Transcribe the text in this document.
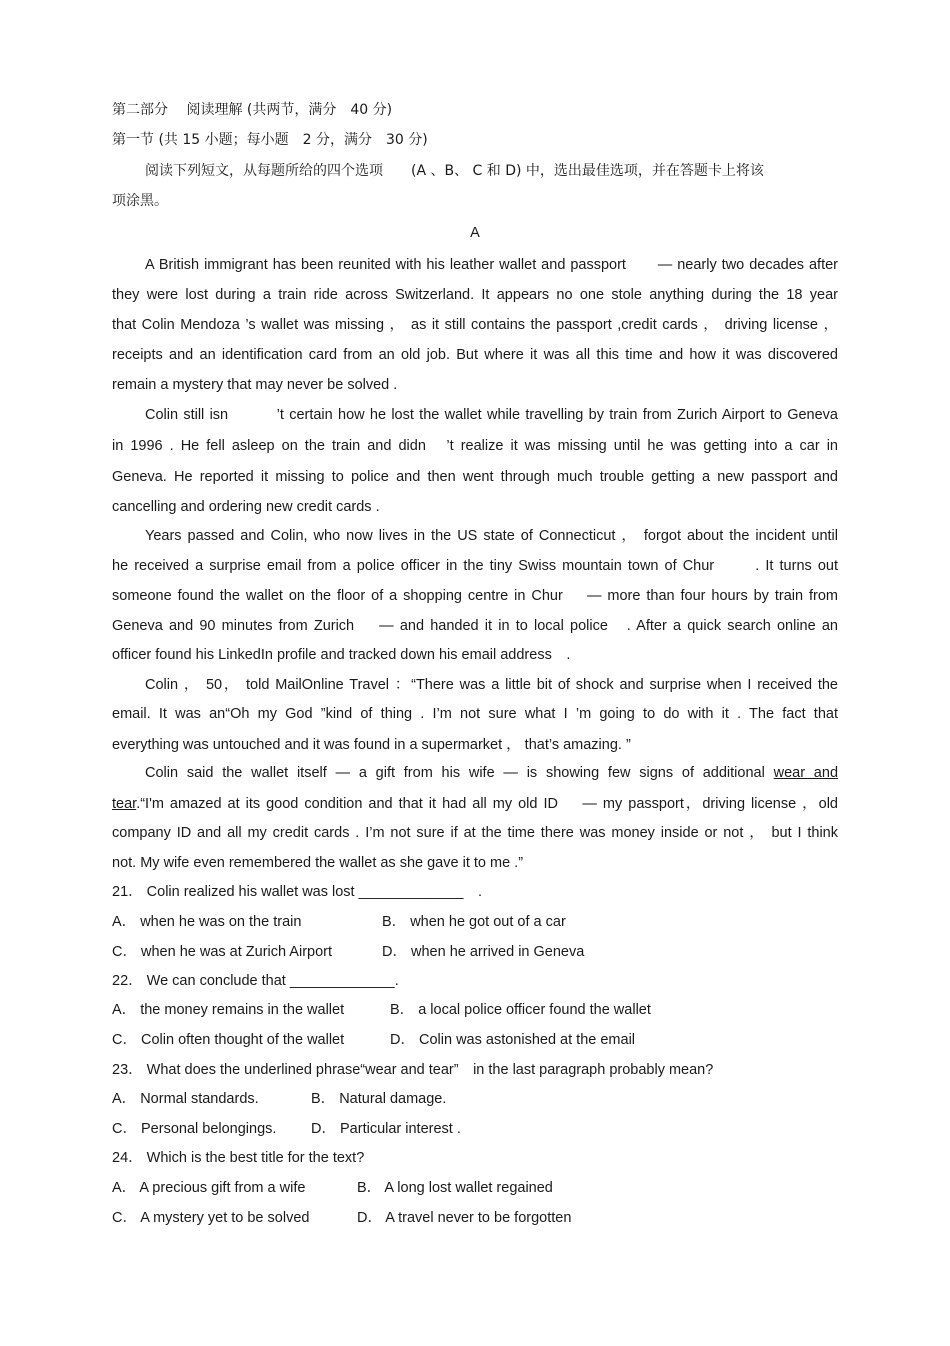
第二部分　 阅读理解 (共两节，满分　40 分)
第一节 (共 15 小题；每小题　2 分，满分　30 分)
阅读下列短文，从每题所给的四个选项　　(A 、B、 C 和 D) 中，选出最佳选项，并在答题卡上将该
项涂黑。
A
A British immigrant has been reunited with his leather wallet and passport　　— nearly two decades after
they were lost during a train ride across Switzerland. It appears no one stole anything during the 18 year
that Colin Mendoza ’s wallet was missing ， as it still contains the passport ,credit cards ， driving license ，
receipts and an identification card from an old job. But where it was all this time and how it was discovered
remain a mystery that may never be solved .
Colin still isn　　　’t certain how he lost the wallet while travelling by train from Zurich Airport to Geneva
in 1996 . He fell asleep on the train and didn　’t realize it was missing until he was getting into a car in
Geneva. He reported it missing to police and then went through much trouble getting a new passport and
cancelling and ordering new credit cards .
Years passed and Colin, who now lives in the US state of Connecticut ， forgot about the incident until
he received a surprise email from a police officer in the tiny Swiss mountain town of Chur　　 . It turns out
someone found the wallet on the floor of a shopping centre in Chur　 — more than four hours by train from
Geneva and 90 minutes from Zurich　 — and handed it in to local police　. After a quick search online an
officer found his LinkedIn profile and tracked down his email address　.
Colin ， 50， told MailOnline Travel ：“There was a little bit of shock and surprise when I received the
email. It was an“Oh my God ”kind of thing . I’m not sure what I ’m going to do with it . The fact that
everything was untouched and it was found in a supermarket ， that’s amazing. ”
Colin said the wallet itself — a gift from his wife — is showing few signs of additional wear and
tear.“I'm amazed at its good condition and that it had all my old ID　 — my passport，driving license ，old
company ID and all my credit cards . I’m not sure if at the time there was money inside or not ， but I think
not. My wife even remembered the wallet as she gave it to me .”
21． Colin realized his wallet was lost _____________　.
A． when he was on the train	B． when he got out of a car
C． when he was at Zurich Airport	D． when he arrived in Geneva
22． We can conclude that _____________.
A． the money remains in the wallet	B． a local police officer found the wallet
C． Colin often thought of the wallet	D． Colin was astonished at the email
23． What does the underlined phrase“wear and tear”　in the last paragraph probably mean?
A． Normal standards.	B． Natural damage.
C． Personal belongings. D． Particular interest .
24． Which is the best title for the text?
A． A precious gift from a wife	B． A long lost wallet regained
C． A mystery yet to be solved	D． A travel never to be forgotten
